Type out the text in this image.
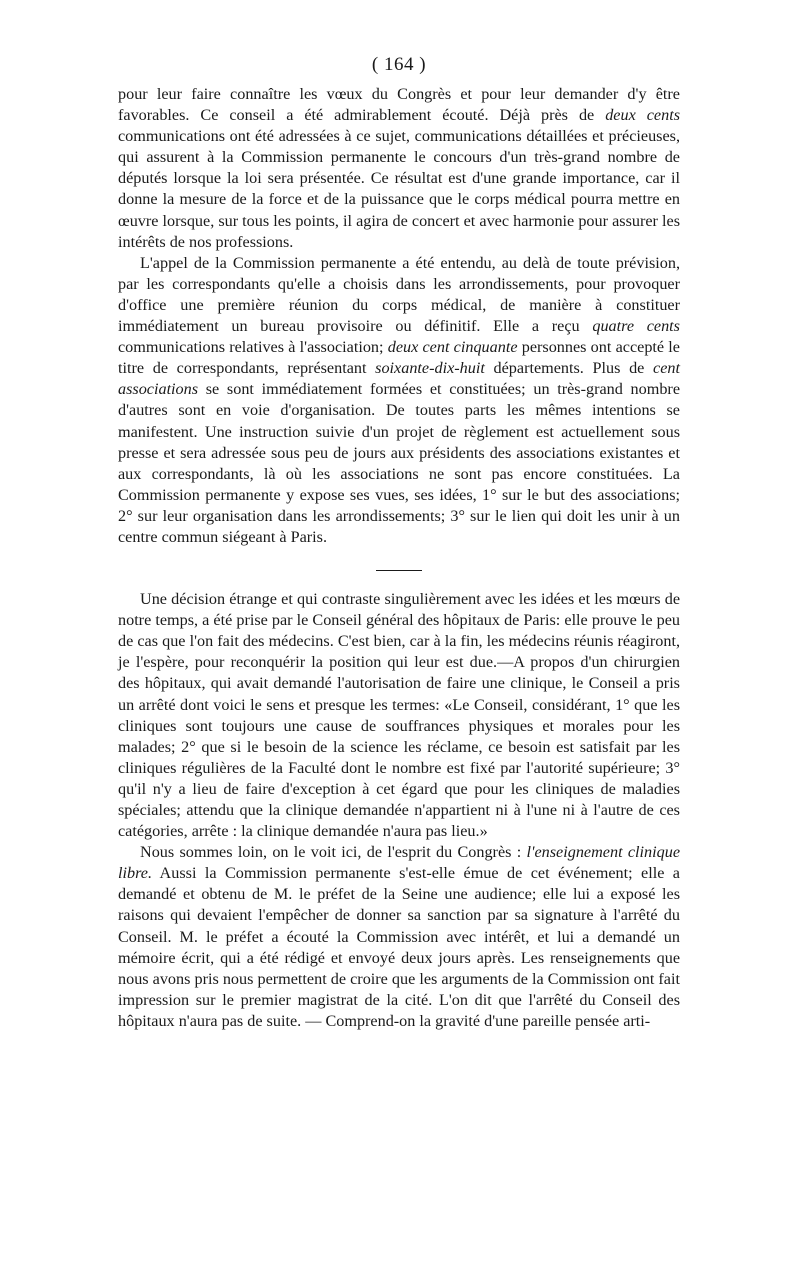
( 164 )

pour leur faire connaître les vœux du Congrès et pour leur demander d'y être favorables. Ce conseil a été admirablement écouté. Déjà près de deux cents communications ont été adressées à ce sujet, communications détaillées et précieuses, qui assurent à la Commission permanente le concours d'un très-grand nombre de députés lorsque la loi sera présentée. Ce résultat est d'une grande importance, car il donne la mesure de la force et de la puissance que le corps médical pourra mettre en œuvre lorsque, sur tous les points, il agira de concert et avec harmonie pour assurer les intérêts de nos professions.

L'appel de la Commission permanente a été entendu, au delà de toute prévision, par les correspondants qu'elle a choisis dans les arrondissements, pour provoquer d'office une première réunion du corps médical, de manière à constituer immédiatement un bureau provisoire ou définitif. Elle a reçu quatre cents communications relatives à l'association; deux cent cinquante personnes ont accepté le titre de correspondants, représentant soixante-dix-huit départements. Plus de cent associations se sont immédiatement formées et constituées; un très-grand nombre d'autres sont en voie d'organisation. De toutes parts les mêmes intentions se manifestent. Une instruction suivie d'un projet de règlement est actuellement sous presse et sera adressée sous peu de jours aux présidents des associations existantes et aux correspondants, là où les associations ne sont pas encore constituées. La Commission permanente y expose ses vues, ses idées, 1° sur le but des associations; 2° sur leur organisation dans les arrondissements; 3° sur le lien qui doit les unir à un centre commun siégeant à Paris.

Une décision étrange et qui contraste singulièrement avec les idées et les mœurs de notre temps, a été prise par le Conseil général des hôpitaux de Paris: elle prouve le peu de cas que l'on fait des médecins. C'est bien, car à la fin, les médecins réunis réagiront, je l'espère, pour reconquérir la position qui leur est due.—A propos d'un chirurgien des hôpitaux, qui avait demandé l'autorisation de faire une clinique, le Conseil a pris un arrêté dont voici le sens et presque les termes: «Le Conseil, considérant, 1° que les cliniques sont toujours une cause de souffrances physiques et morales pour les malades; 2° que si le besoin de la science les réclame, ce besoin est satisfait par les cliniques régulières de la Faculté dont le nombre est fixé par l'autorité supérieure; 3° qu'il n'y a lieu de faire d'exception à cet égard que pour les cliniques de maladies spéciales; attendu que la clinique demandée n'appartient ni à l'une ni à l'autre de ces catégories, arrête : la clinique demandée n'aura pas lieu.»

Nous sommes loin, on le voit ici, de l'esprit du Congrès : l'enseignement clinique libre. Aussi la Commission permanente s'est-elle émue de cet événement; elle a demandé et obtenu de M. le préfet de la Seine une audience; elle lui a exposé les raisons qui devaient l'empêcher de donner sa sanction par sa signature à l'arrêté du Conseil. M. le préfet a écouté la Commission avec intérêt, et lui a demandé un mémoire écrit, qui a été rédigé et envoyé deux jours après. Les renseignements que nous avons pris nous permettent de croire que les arguments de la Commission ont fait impression sur le premier magistrat de la cité. L'on dit que l'arrêté du Conseil des hôpitaux n'aura pas de suite. — Comprend-on la gravité d'une pareille pensée arti-
